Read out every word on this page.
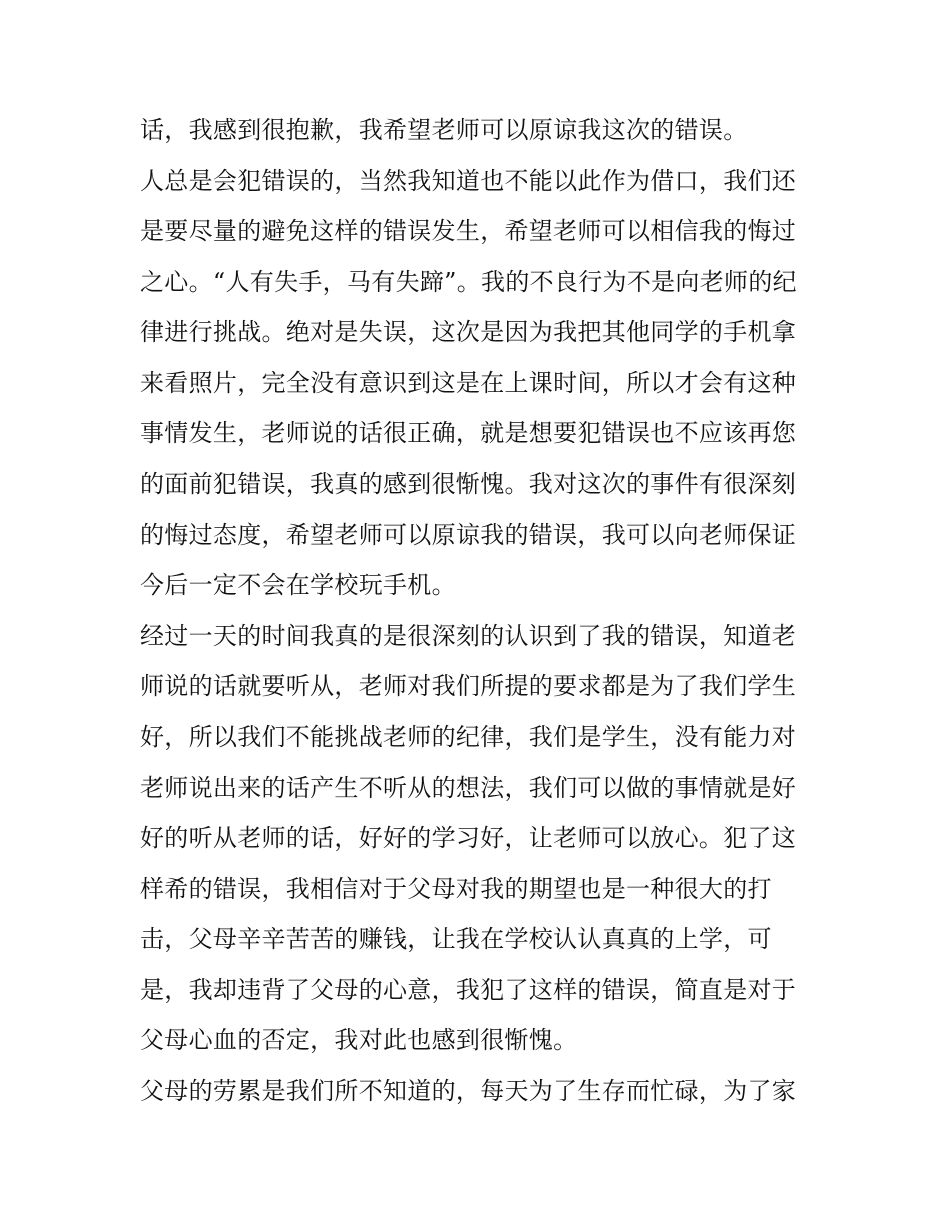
话，我感到很抱歉，我希望老师可以原谅我这次的错误。
人总是会犯错误的，当然我知道也不能以此作为借口，我们还
是要尽量的避免这样的错误发生，希望老师可以相信我的悔过
之心。“人有失手，马有失蹄”。我的不良行为不是向老师的纪
律进行挑战。绝对是失误，这次是因为我把其他同学的手机拿
来看照片，完全没有意识到这是在上课时间，所以才会有这种
事情发生，老师说的话很正确，就是想要犯错误也不应该再您
的面前犯错误，我真的感到很惭愧。我对这次的事件有很深刻
的悔过态度，希望老师可以原谅我的错误，我可以向老师保证
今后一定不会在学校玩手机。
经过一天的时间我真的是很深刻的认识到了我的错误，知道老
师说的话就要听从，老师对我们所提的要求都是为了我们学生
好，所以我们不能挑战老师的纪律，我们是学生，没有能力对
老师说出来的话产生不听从的想法，我们可以做的事情就是好
好的听从老师的话，好好的学习好，让老师可以放心。犯了这
样希的错误，我相信对于父母对我的期望也是一种很大的打
击，父母辛辛苦苦的赚钱，让我在学校认认真真的上学，可
是，我却违背了父母的心意，我犯了这样的错误，简直是对于
父母心血的否定，我对此也感到很惭愧。
父母的劳累是我们所不知道的，每天为了生存而忙碌，为了家
